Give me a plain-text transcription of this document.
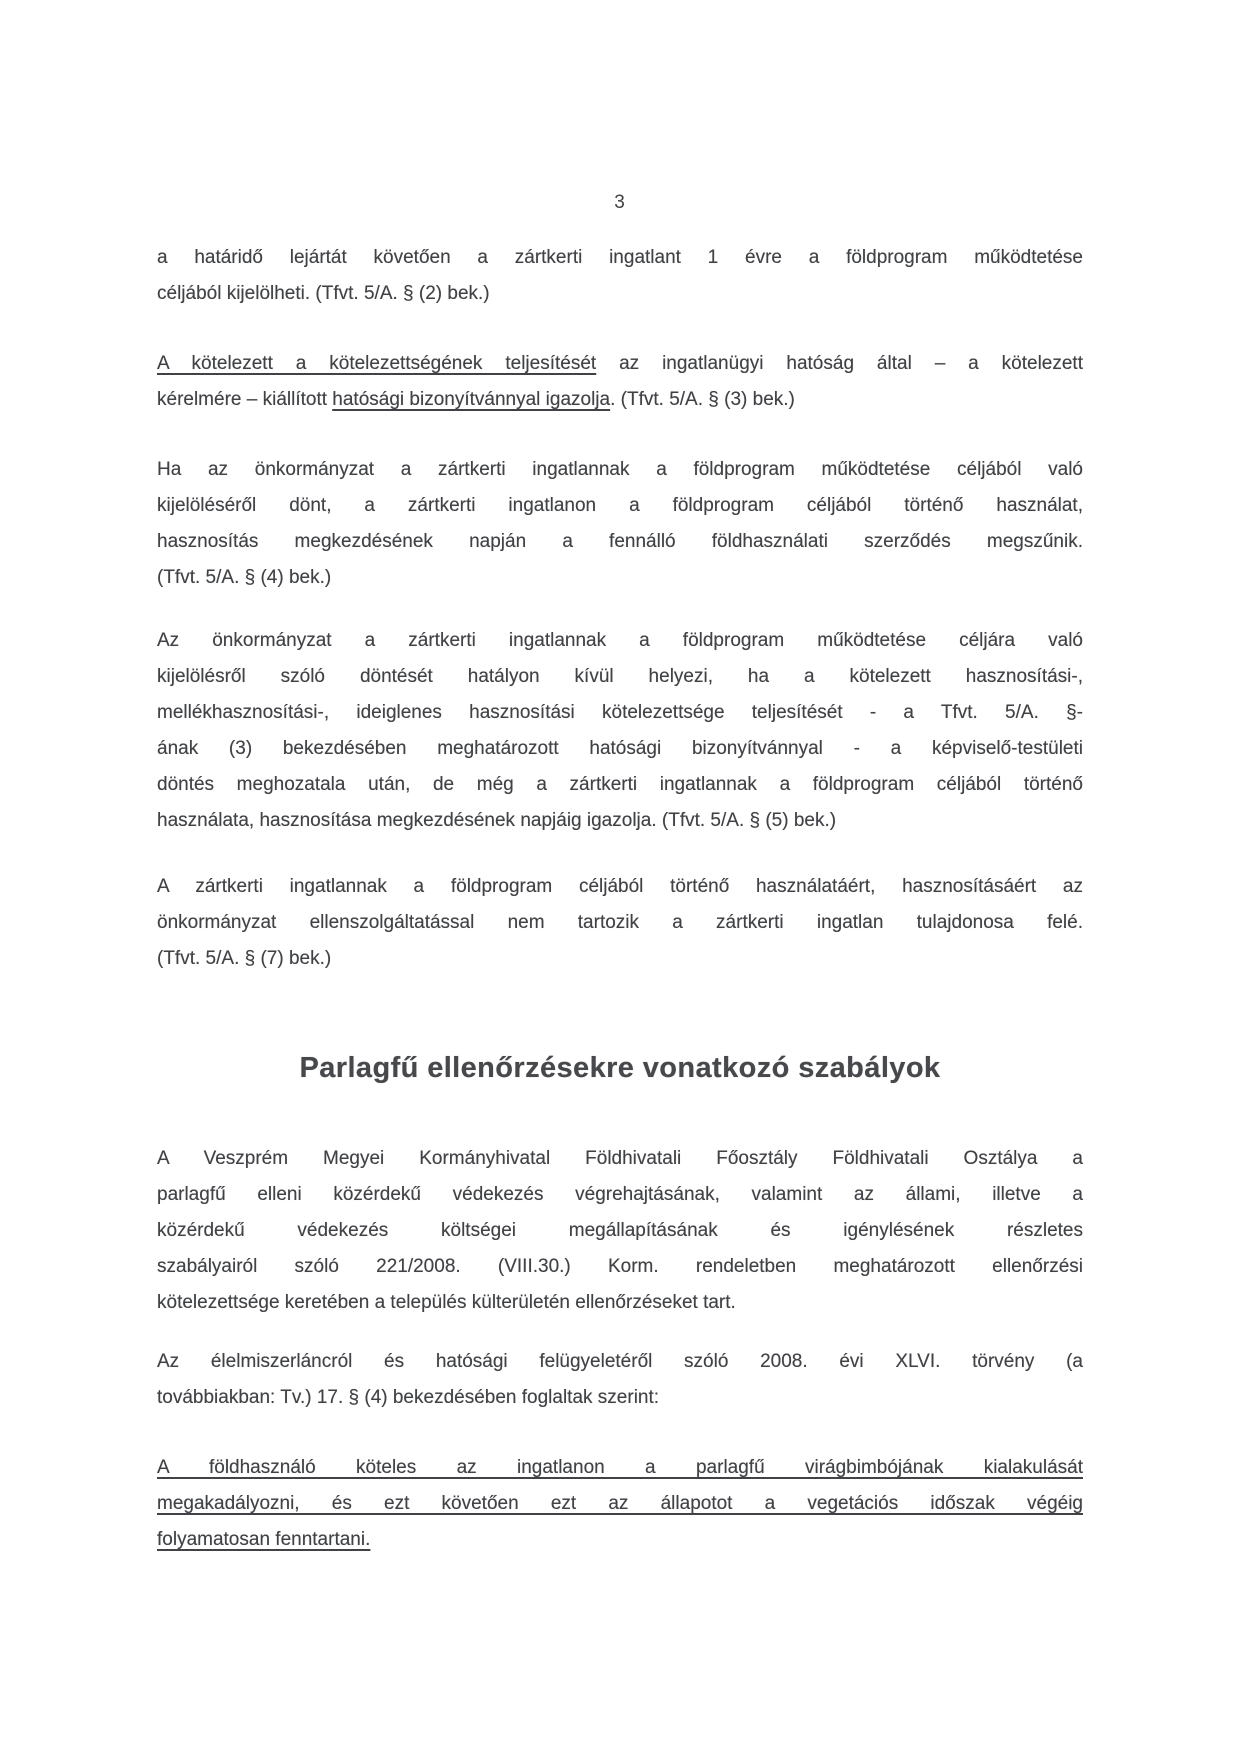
3
Parlagfű ellenőrzésekre vonatkozó szabályok
a határidő lejártát követően a zártkerti ingatlant 1 évre a földprogram működtetése
céljából kijelölheti. (Tfvt. 5/A. § (2) bek.)
A kötelezett a kötelezettségének teljesítését az ingatlanügyi hatóság által – a kötelezett
kérelmére – kiállított hatósági bizonyítvánnyal igazolja. (Tfvt. 5/A. § (3) bek.)
Ha az önkormányzat a zártkerti ingatlannak a földprogram működtetése céljából való
kijelöléséről dönt, a zártkerti ingatlanon a földprogram céljából történő használat,
hasznosítás megkezdésének napján a fennálló földhasználati szerződés megszűnik.
(Tfvt. 5/A. § (4) bek.)
Az önkormányzat a zártkerti ingatlannak a földprogram működtetése céljára való
kijelölésről szóló döntését hatályon kívül helyezi, ha a kötelezett hasznosítási-,
mellékhasznosítási-, ideiglenes hasznosítási kötelezettsége teljesítését - a Tfvt. 5/A. §-
ának (3) bekezdésében meghatározott hatósági bizonyítvánnyal - a képviselő-testületi
döntés meghozatala után, de még a zártkerti ingatlannak a földprogram céljából történő
használata, hasznosítása megkezdésének napjáig igazolja. (Tfvt. 5/A. § (5) bek.)
A zártkerti ingatlannak a földprogram céljából történő használatáért, hasznosításáért az
önkormányzat ellenszolgáltatással nem tartozik a zártkerti ingatlan tulajdonosa felé.
(Tfvt. 5/A. § (7) bek.)
A Veszprém Megyei Kormányhivatal Földhivatali Főosztály Földhivatali Osztálya a
parlagfű elleni közérdekű védekezés végrehajtásának, valamint az állami, illetve a
közérdekű védekezés költségei megállapításának és igénylésének részletes
szabályairól szóló 221/2008. (VIII.30.) Korm. rendeletben meghatározott ellenőrzési
kötelezettsége keretében a település külterületén ellenőrzéseket tart.
Az élelmiszerláncról és hatósági felügyeletéről szóló 2008. évi XLVI. törvény (a
továbbiakban: Tv.) 17. § (4) bekezdésében foglaltak szerint:
A földhasználó köteles az ingatlanon a parlagfű virágbimbójának kialakulását
megakadályozni, és ezt követően ezt az állapotot a vegetációs időszak végéig
folyamatosan fenntartani.
